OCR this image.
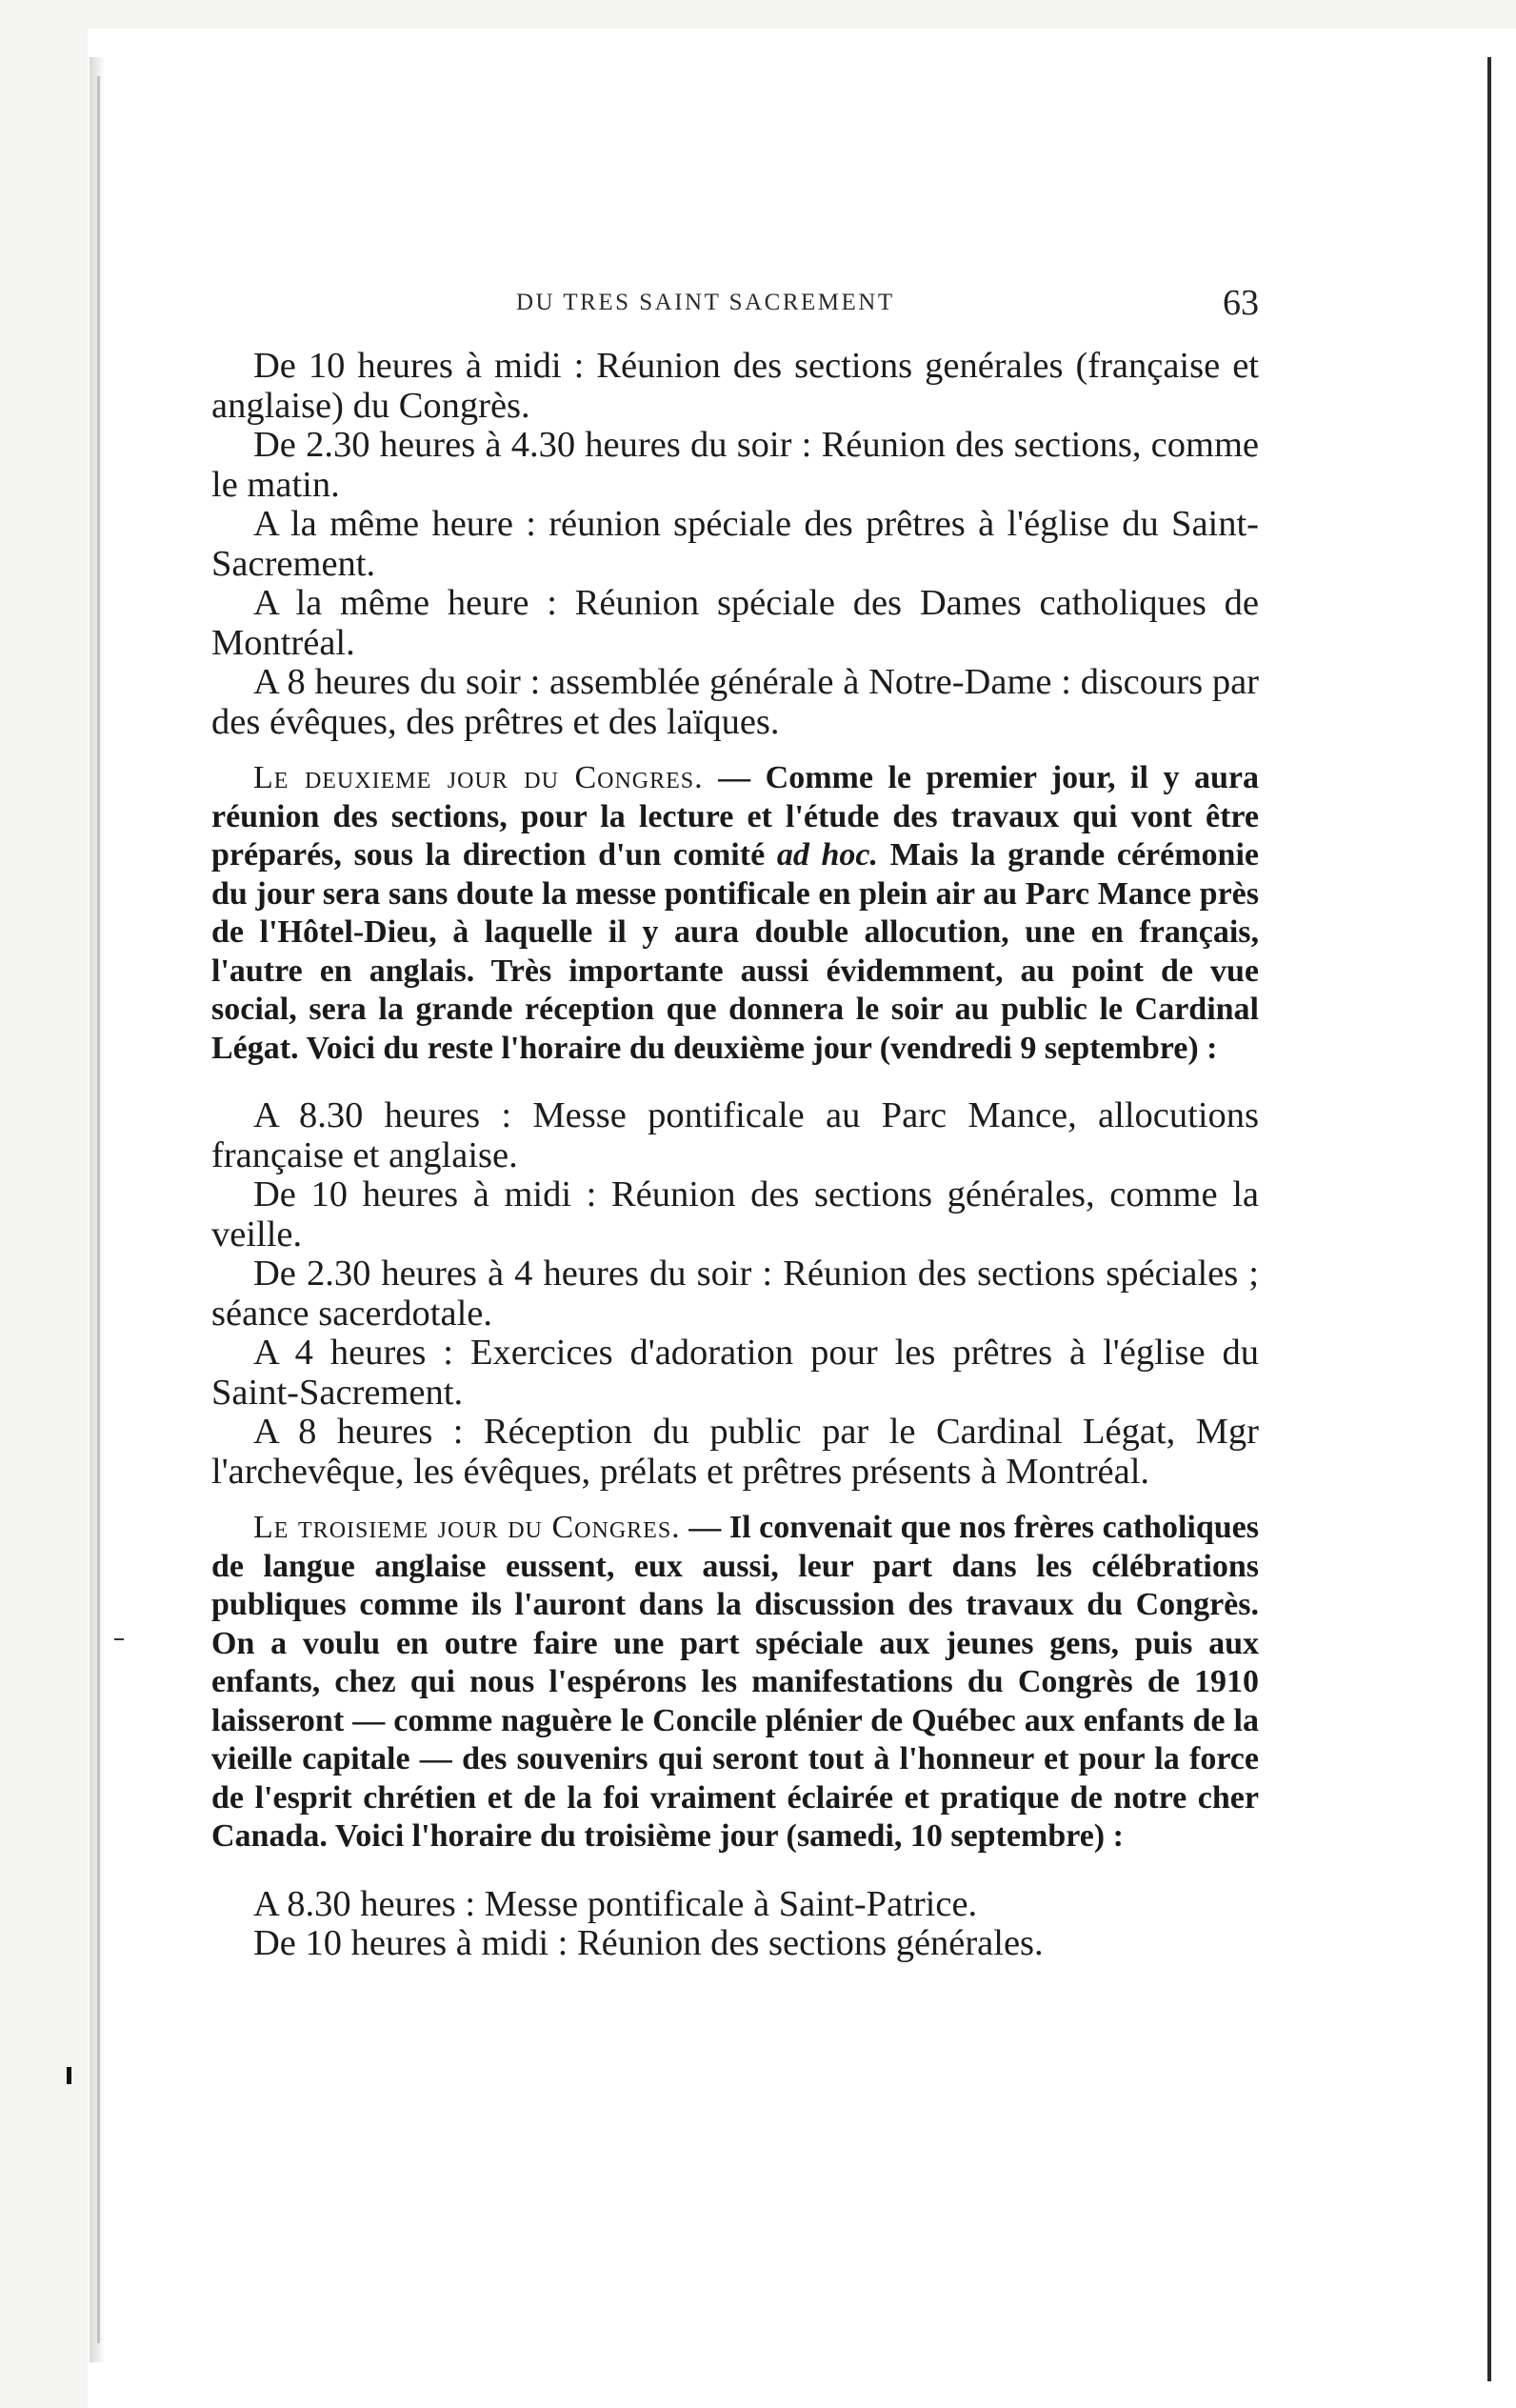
DU TRES SAINT SACREMENT	63

De 10 heures à midi : Réunion des sections genérales (française et anglaise) du Congrès.

De 2.30 heures à 4.30 heures du soir : Réunion des sections, comme le matin.

A la même heure : réunion spéciale des prêtres à l'église du Saint-Sacrement.

A la même heure : Réunion spéciale des Dames catholiques de Montréal.

A 8 heures du soir : assemblée générale à Notre-Dame : discours par des évêques, des prêtres et des laïques.

Le deuxieme jour du Congres. — Comme le premier jour, il y aura réunion des sections, pour la lecture et l'étude des travaux qui vont être préparés, sous la direction d'un comité ad hoc. Mais la grande cérémonie du jour sera sans doute la messe pontificale en plein air au Parc Mance près de l'Hôtel-Dieu, à laquelle il y aura double allocution, une en français, l'autre en anglais. Très importante aussi évidemment, au point de vue social, sera la grande réception que donnera le soir au public le Cardinal Légat. Voici du reste l'horaire du deuxième jour (vendredi 9 septembre) :

A 8.30 heures : Messe pontificale au Parc Mance, allocutions française et anglaise.

De 10 heures à midi : Réunion des sections générales, comme la veille.

De 2.30 heures à 4 heures du soir : Réunion des sections spéciales ; séance sacerdotale.

A 4 heures : Exercices d'adoration pour les prêtres à l'église du Saint-Sacrement.

A 8 heures : Réception du public par le Cardinal Légat, Mgr l'archevêque, les évêques, prélats et prêtres présents à Montréal.

Le troisieme jour du Congres. — Il convenait que nos frères catholiques de langue anglaise eussent, eux aussi, leur part dans les célébrations publiques comme ils l'auront dans la discussion des travaux du Congrès. On a voulu en outre faire une part spéciale aux jeunes gens, puis aux enfants, chez qui nous l'espérons les manifestations du Congrès de 1910 laisseront — comme naguère le Concile plénier de Québec aux enfants de la vieille capitale — des souvenirs qui seront tout à l'honneur et pour la force de l'esprit chrétien et de la foi vraiment éclairée et pratique de notre cher Canada. Voici l'horaire du troisième jour (samedi, 10 septembre) :

A 8.30 heures : Messe pontificale à Saint-Patrice.

De 10 heures à midi : Réunion des sections générales.
